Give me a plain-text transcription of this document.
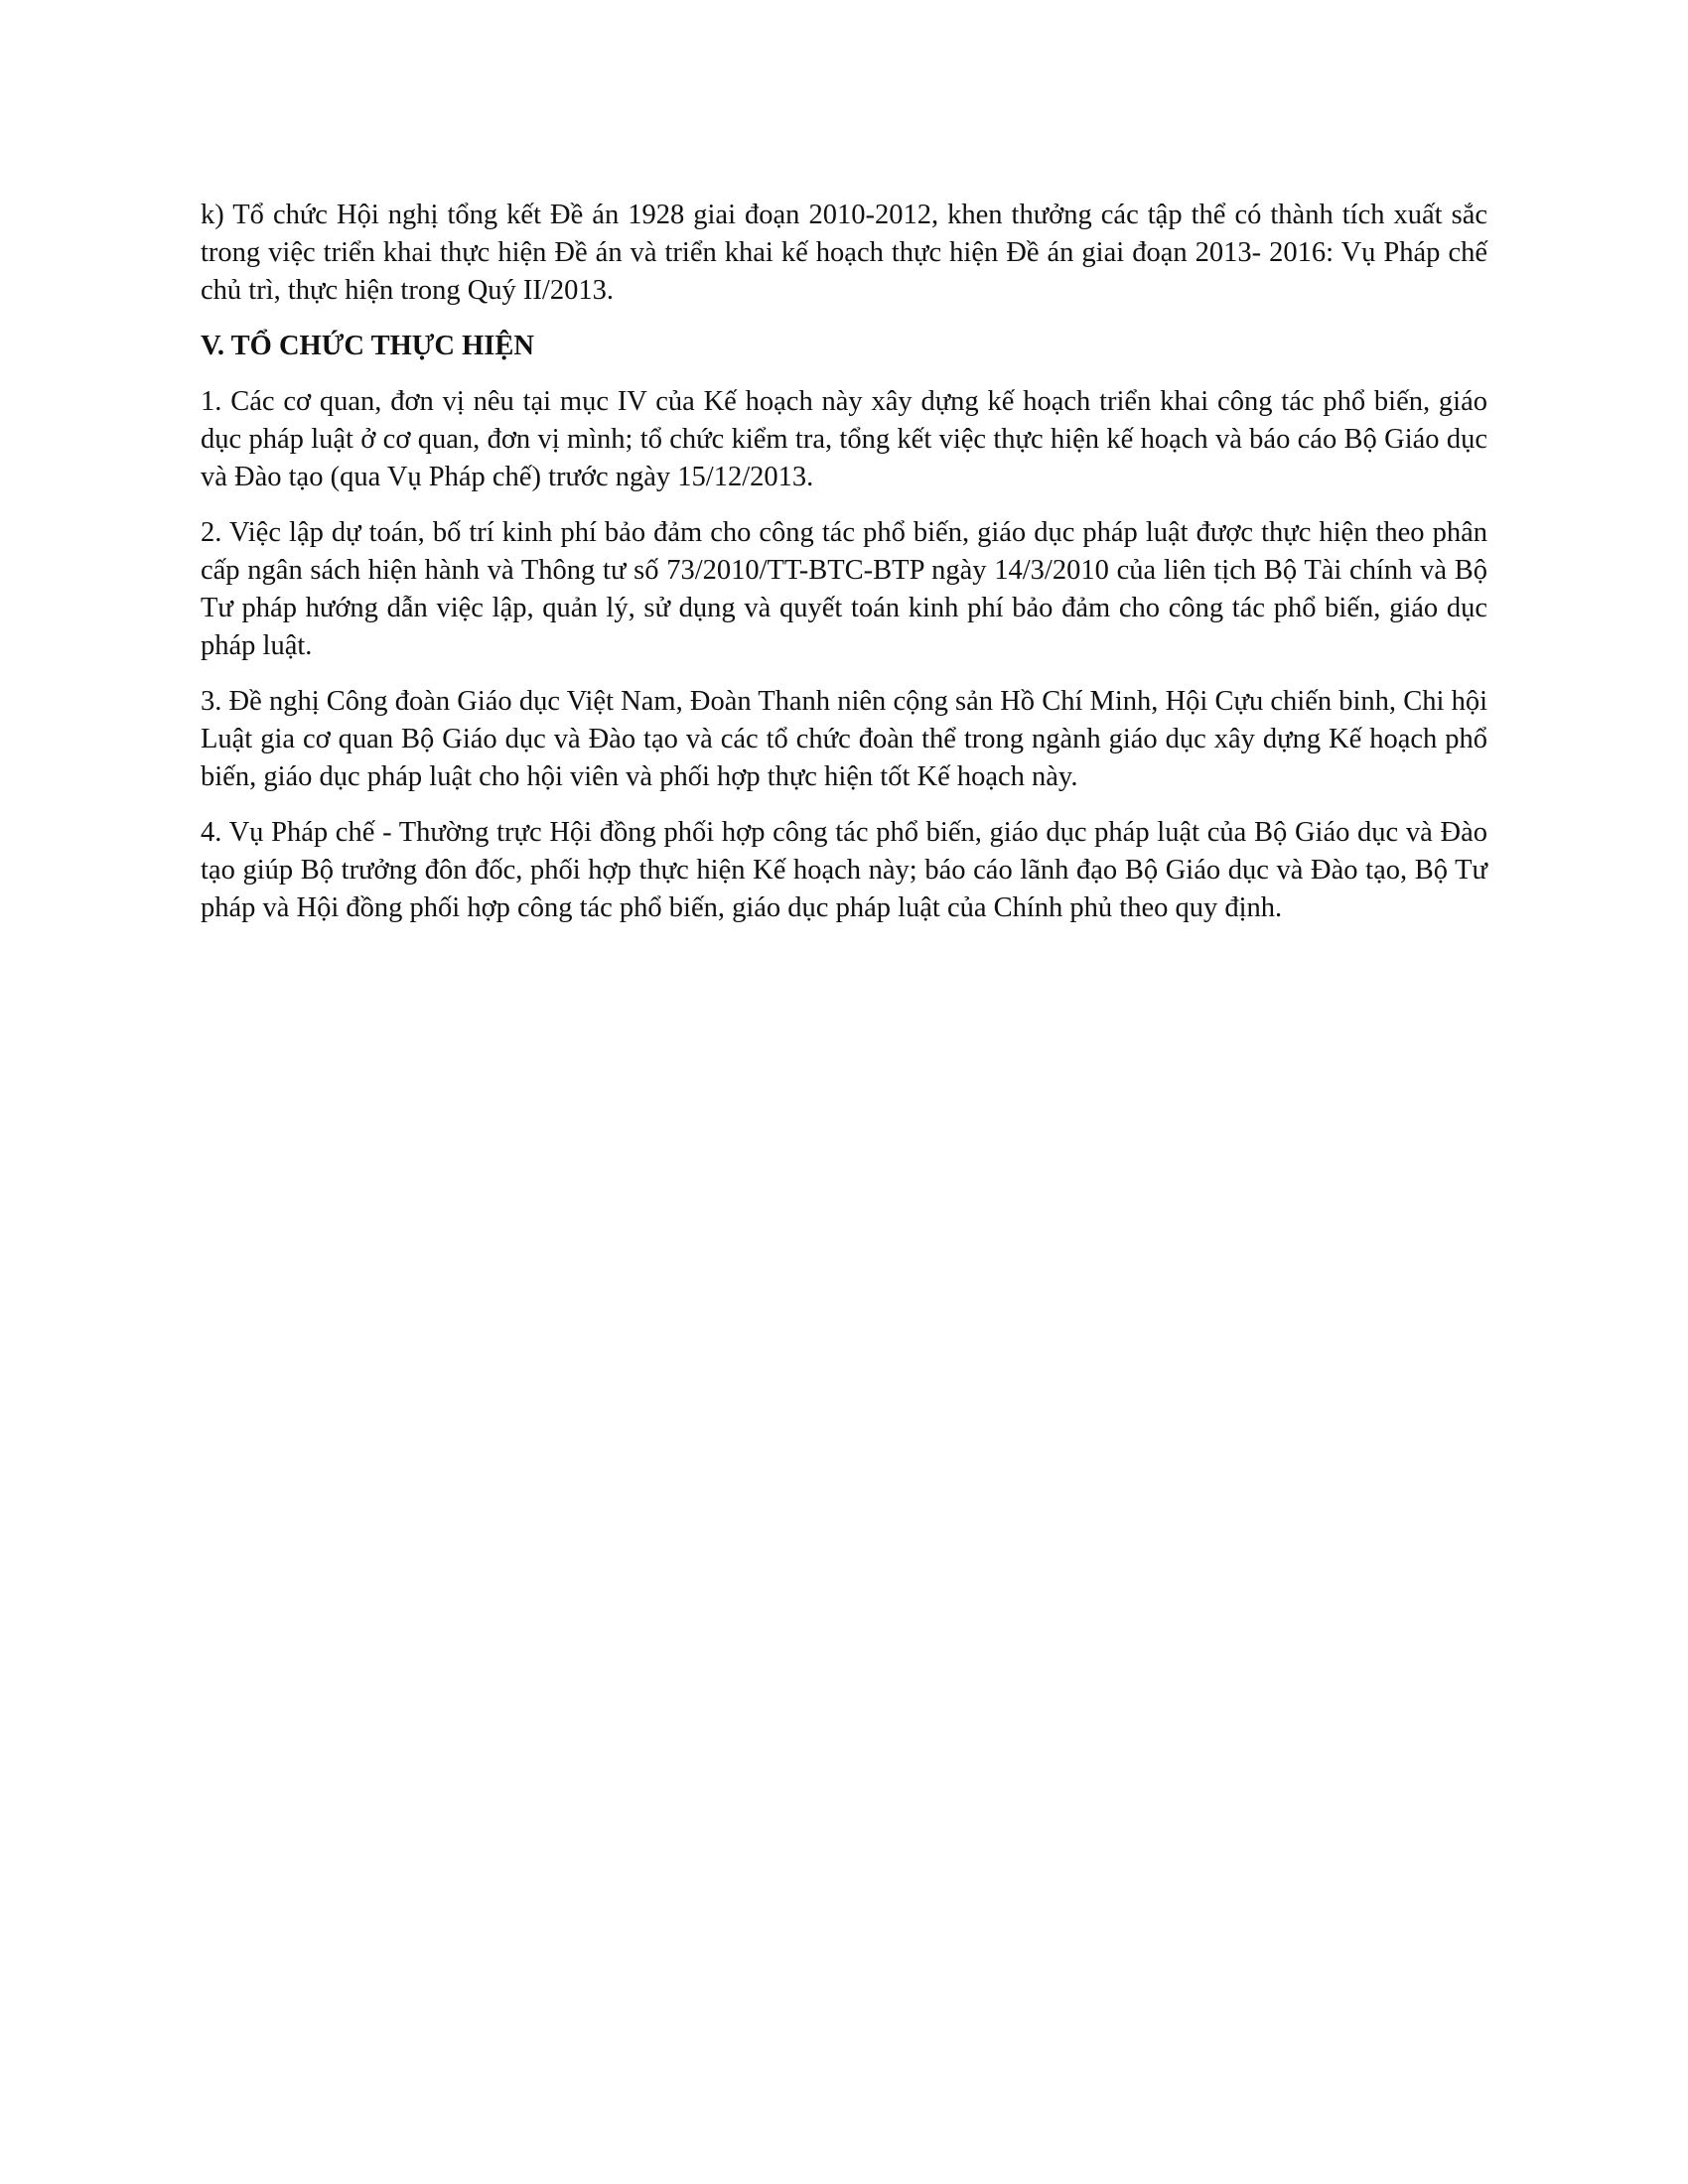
k) Tổ chức Hội nghị tổng kết Đề án 1928 giai đoạn 2010-2012, khen thưởng các tập thể có thành tích xuất sắc trong việc triển khai thực hiện Đề án và triển khai kế hoạch thực hiện Đề án giai đoạn 2013- 2016: Vụ Pháp chế chủ trì, thực hiện trong Quý II/2013.

V. TỔ CHỨC THỰC HIỆN

1. Các cơ quan, đơn vị nêu tại mục IV của Kế hoạch này xây dựng kế hoạch triển khai công tác phổ biến, giáo dục pháp luật ở cơ quan, đơn vị mình; tổ chức kiểm tra, tổng kết việc thực hiện kế hoạch và báo cáo Bộ Giáo dục và Đào tạo (qua Vụ Pháp chế) trước ngày 15/12/2013.

2. Việc lập dự toán, bố trí kinh phí bảo đảm cho công tác phổ biến, giáo dục pháp luật được thực hiện theo phân cấp ngân sách hiện hành và Thông tư số 73/2010/TT-BTC-BTP ngày 14/3/2010 của liên tịch Bộ Tài chính và Bộ Tư pháp hướng dẫn việc lập, quản lý, sử dụng và quyết toán kinh phí bảo đảm cho công tác phổ biến, giáo dục pháp luật.

3. Đề nghị Công đoàn Giáo dục Việt Nam, Đoàn Thanh niên cộng sản Hồ Chí Minh, Hội Cựu chiến binh, Chi hội Luật gia cơ quan Bộ Giáo dục và Đào tạo và các tổ chức đoàn thể trong ngành giáo dục xây dựng Kế hoạch phổ biến, giáo dục pháp luật cho hội viên và phối hợp thực hiện tốt Kế hoạch này.

4. Vụ Pháp chế - Thường trực Hội đồng phối hợp công tác phổ biến, giáo dục pháp luật của Bộ Giáo dục và Đào tạo giúp Bộ trưởng đôn đốc, phối hợp thực hiện Kế hoạch này; báo cáo lãnh đạo Bộ Giáo dục và Đào tạo, Bộ Tư pháp và Hội đồng phối hợp công tác phổ biến, giáo dục pháp luật của Chính phủ theo quy định.
